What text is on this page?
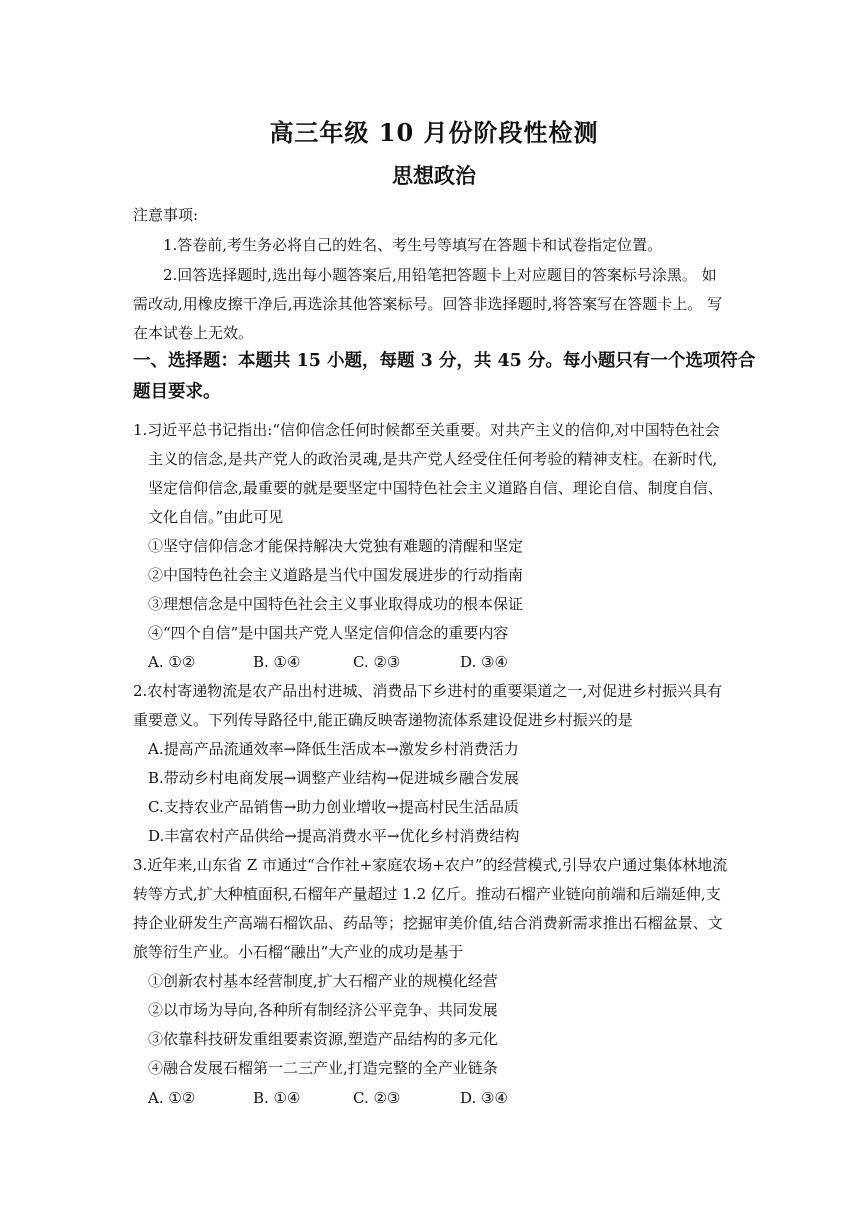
高三年级 10 月份阶段性检测
思想政治
注意事项:
1.答卷前,考生务必将自己的姓名、考生号等填写在答题卡和试卷指定位置。
2.回答选择题时,选出每小题答案后,用铅笔把答题卡上对应题目的答案标号涂黑。 如
需改动,用橡皮擦干净后,再选涂其他答案标号。回答非选择题时,将答案写在答题卡上。 写
在本试卷上无效。
一、选择题：本题共 15 小题，每题 3 分，共 45 分。每小题只有一个选项符合
题目要求。
1.习近平总书记指出:“信仰信念任何时候都至关重要。对共产主义的信仰,对中国特色社会
主义的信念,是共产党人的政治灵魂,是共产党人经受住任何考验的精神支柱。在新时代,
坚定信仰信念,最重要的就是要坚定中国特色社会主义道路自信、理论自信、制度自信、
文化自信。”由此可见
①坚守信仰信念才能保持解决大党独有难题的清醒和坚定
②中国特色社会主义道路是当代中国发展进步的行动指南
③理想信念是中国特色社会主义事业取得成功的根本保证
④“四个自信”是中国共产党人坚定信仰信念的重要内容
A. ①②	B. ①④	C. ②③	D. ③④
2.农村寄递物流是农产品出村进城、消费品下乡进村的重要渠道之一,对促进乡村振兴具有
重要意义。下列传导路径中,能正确反映寄递物流体系建设促进乡村振兴的是
A.提高产品流通效率→降低生活成本→激发乡村消费活力
B.带动乡村电商发展→调整产业结构→促进城乡融合发展
C.支持农业产品销售→助力创业增收→提高村民生活品质
D.丰富农村产品供给→提高消费水平→优化乡村消费结构
3.近年来,山东省 Z 市通过“合作社+家庭农场+农户”的经营模式,引导农户通过集体林地流
转等方式,扩大种植面积,石榴年产量超过 1.2 亿斤。推动石榴产业链向前端和后端延伸,支
持企业研发生产高端石榴饮品、药品等；挖掘审美价值,结合消费新需求推出石榴盆景、文
旅等衍生产业。小石榴“融出”大产业的成功是基于
①创新农村基本经营制度,扩大石榴产业的规模化经营
②以市场为导向,各种所有制经济公平竞争、共同发展
③依靠科技研发重组要素资源,塑造产品结构的多元化
④融合发展石榴第一二三产业,打造完整的全产业链条
A. ①②	B. ①④	C. ②③	D. ③④
